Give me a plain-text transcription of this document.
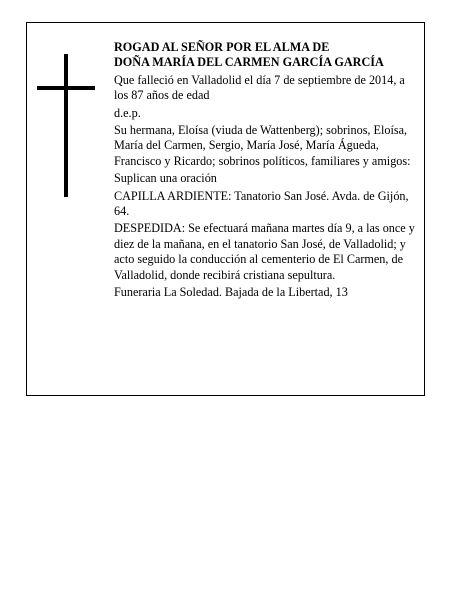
ROGAD AL SEÑOR POR EL ALMA DE

DOÑA MARÍA DEL CARMEN GARCÍA GARCÍA

Que falleció en Valladolid el día 7 de septiembre de 2014, a los 87 años de edad

d.e.p.

Su hermana, Eloísa (viuda de Wattenberg); sobrinos, Eloísa, María del Carmen, Sergio, María José, María Águeda, Francisco y Ricardo; sobrinos políticos, familiares y amigos:

Suplican una oración

CAPILLA ARDIENTE: Tanatorio San José. Avda. de Gijón, 64.

DESPEDIDA: Se efectuará mañana martes día 9, a las once y diez de la mañana, en el tanatorio San José, de Valladolid; y acto seguido la conducción al cementerio de El Carmen, de Valladolid, donde recibirá cristiana sepultura.

Funeraria La Soledad. Bajada de la Libertad, 13
